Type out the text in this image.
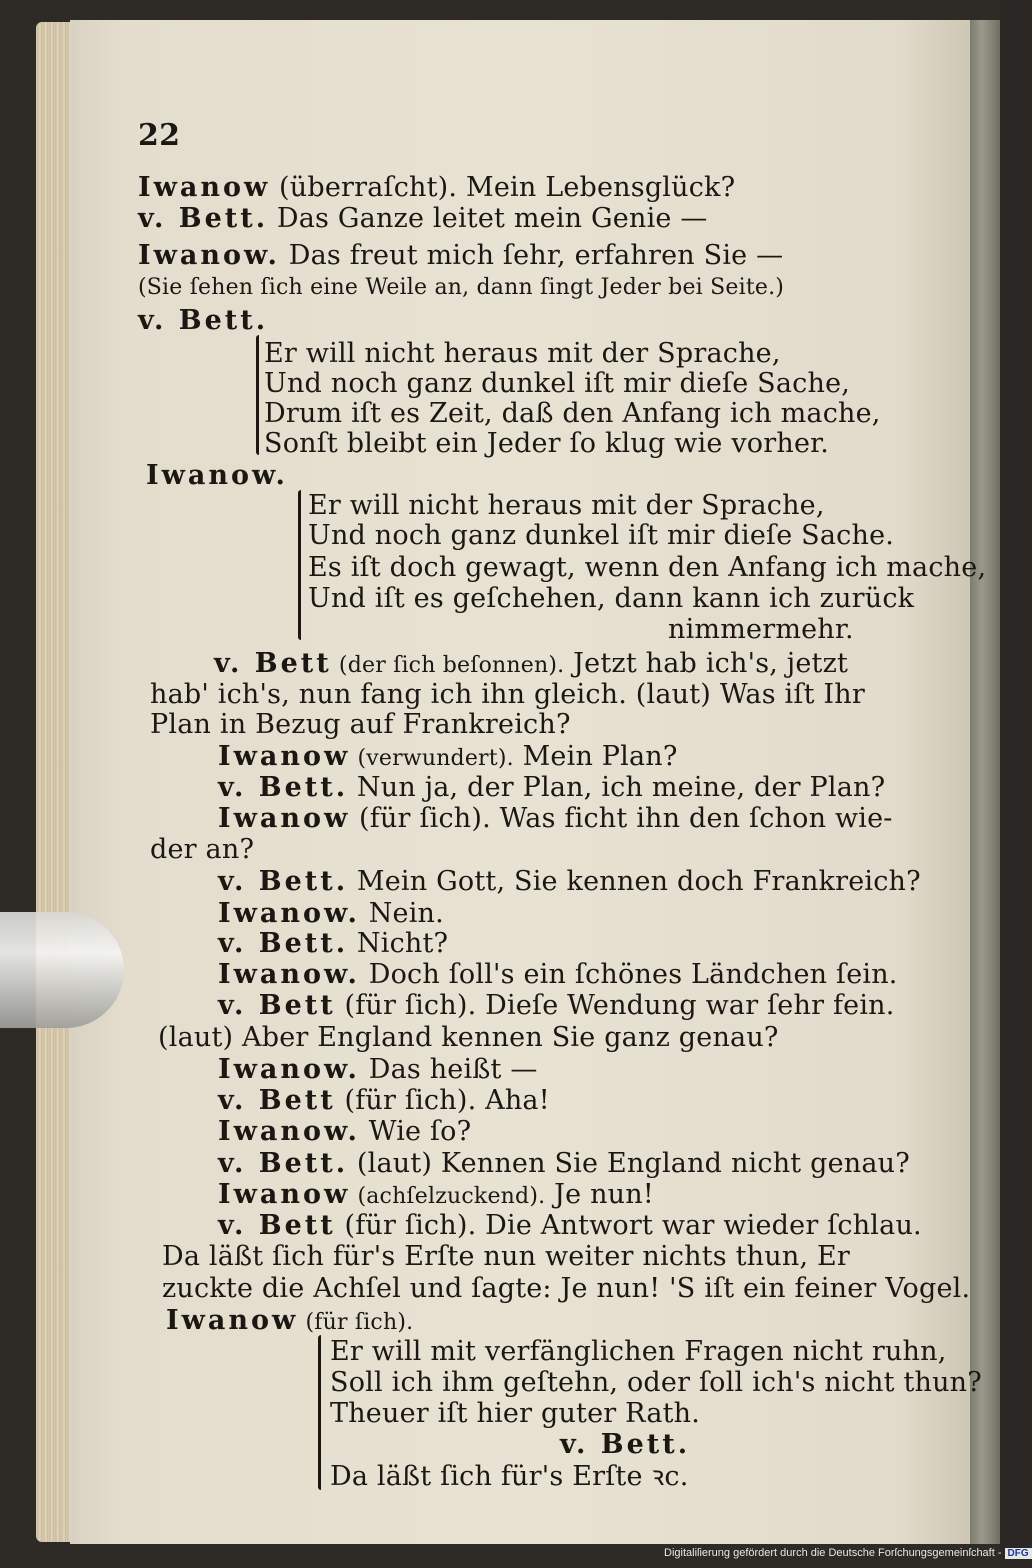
22
Iwanow (überraſcht). Mein Lebensglück?
v. Bett. Das Ganze leitet mein Genie —
Iwanow. Das freut mich ſehr, erfahren Sie —
(Sie ſehen ſich eine Weile an, dann ſingt Jeder bei Seite.)
v. Bett.
Er will nicht heraus mit der Sprache,
Und noch ganz dunkel iſt mir dieſe Sache,
Drum iſt es Zeit, daß den Anfang ich mache,
Sonſt bleibt ein Jeder ſo klug wie vorher.
Iwanow.
Er will nicht heraus mit der Sprache,
Und noch ganz dunkel iſt mir dieſe Sache.
Es iſt doch gewagt, wenn den Anfang ich mache,
Und iſt es geſchehen, dann kann ich zurück
nimmermehr.
v. Bett (der ſich beſonnen). Jetzt hab ich's, jetzt
hab' ich's, nun fang ich ihn gleich. (laut) Was iſt Ihr
Plan in Bezug auf Frankreich?
Iwanow (verwundert). Mein Plan?
v. Bett. Nun ja, der Plan, ich meine, der Plan?
Iwanow (für ſich). Was ficht ihn den ſchon wie-
der an?
v. Bett. Mein Gott, Sie kennen doch Frankreich?
Iwanow. Nein.
v. Bett. Nicht?
Iwanow. Doch ſoll's ein ſchönes Ländchen ſein.
v. Bett (für ſich). Dieſe Wendung war ſehr fein.
(laut) Aber England kennen Sie ganz genau?
Iwanow. Das heißt —
v. Bett (für ſich). Aha!
Iwanow. Wie ſo?
v. Bett. (laut) Kennen Sie England nicht genau?
Iwanow (achſelzuckend). Je nun!
v. Bett (für ſich). Die Antwort war wieder ſchlau.
Da läßt ſich für's Erſte nun weiter nichts thun, Er
zuckte die Achſel und ſagte: Je nun! 'S iſt ein feiner Vogel.
Iwanow (für ſich).
Er will mit verfänglichen Fragen nicht ruhn,
Soll ich ihm geſtehn, oder ſoll ich's nicht thun?
Theuer iſt hier guter Rath.
v. Bett.
Da läßt ſich für's Erſte ꝛc.
Digitaliſierung gefördert durch die Deutsche Forſchungsgemeinſchaft - DFG
